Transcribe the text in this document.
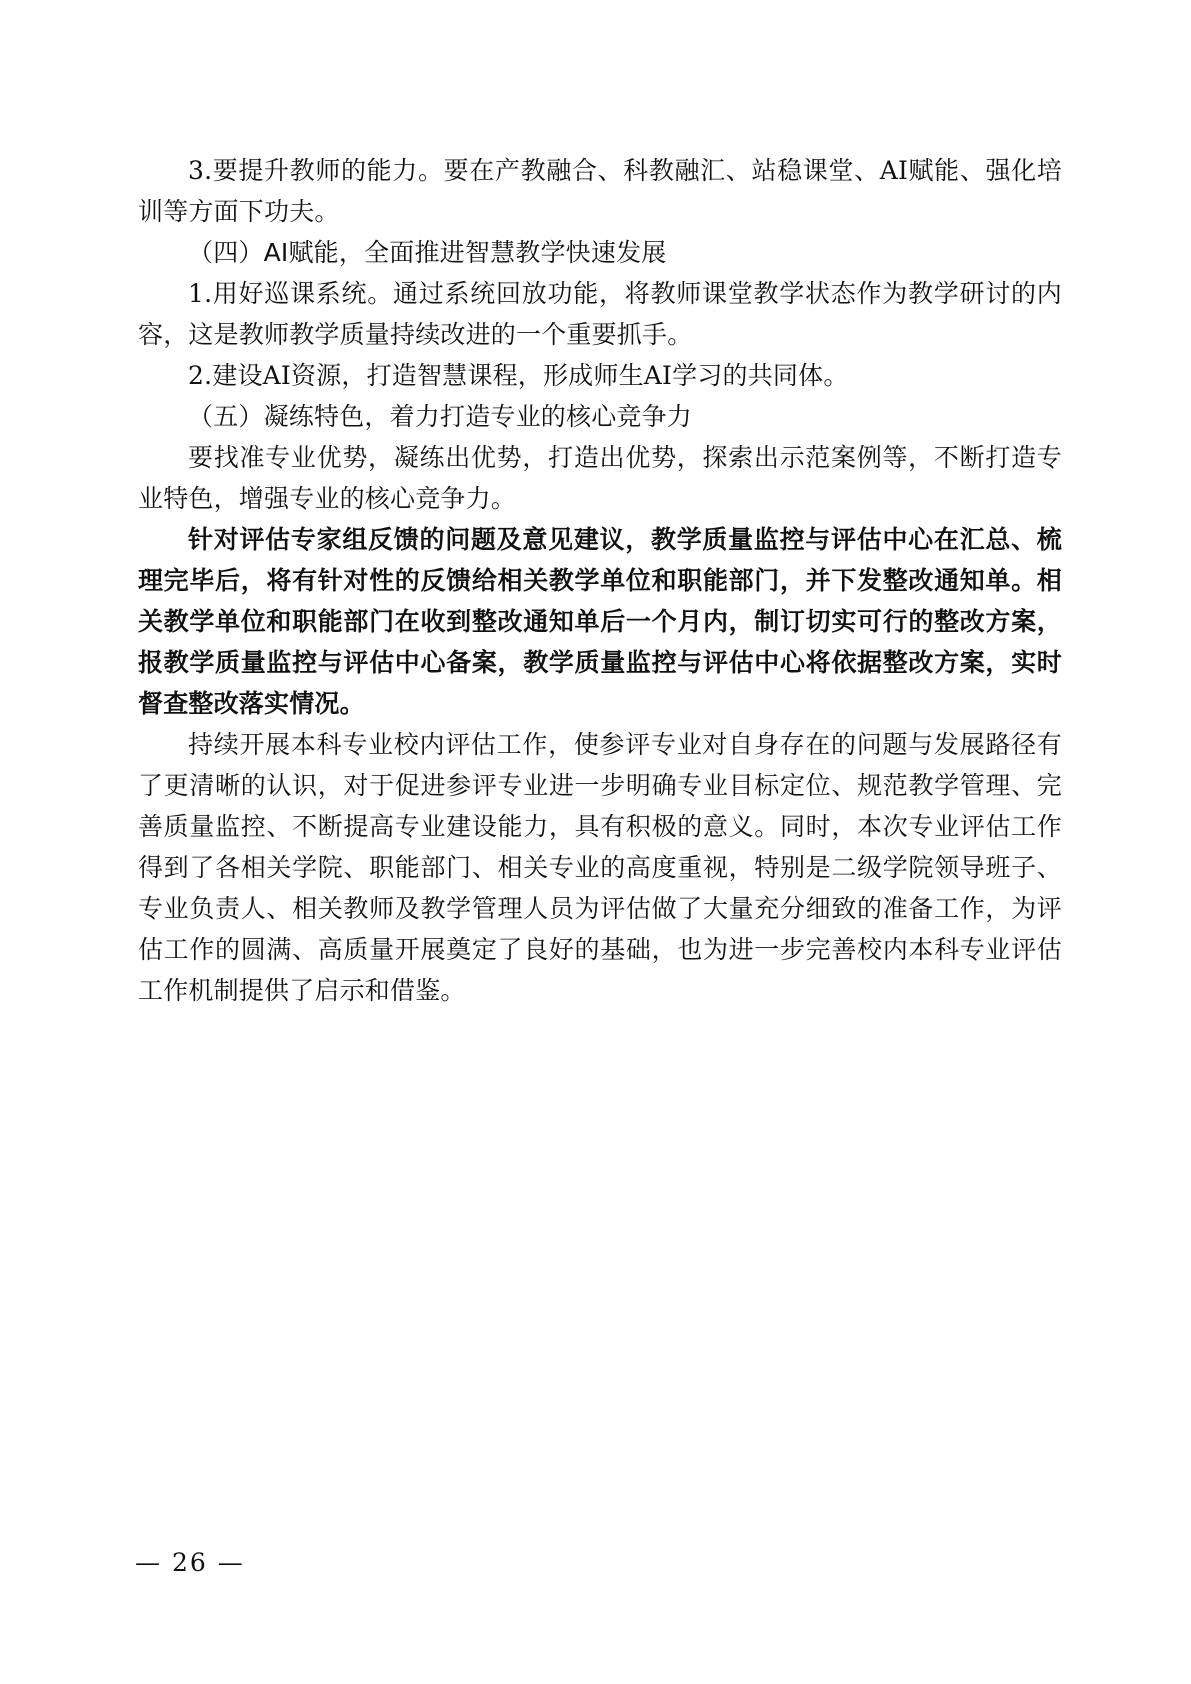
3.要提升教师的能力。要在产教融合、科教融汇、站稳课堂、AI赋能、强化培训等方面下功夫。

（四）AI赋能，全面推进智慧教学快速发展

1.用好巡课系统。通过系统回放功能，将教师课堂教学状态作为教学研讨的内容，这是教师教学质量持续改进的一个重要抓手。

2.建设AI资源，打造智慧课程，形成师生AI学习的共同体。

（五）凝练特色，着力打造专业的核心竞争力

要找准专业优势，凝练出优势，打造出优势，探索出示范案例等，不断打造专业特色，增强专业的核心竞争力。

针对评估专家组反馈的问题及意见建议，教学质量监控与评估中心在汇总、梳理完毕后，将有针对性的反馈给相关教学单位和职能部门，并下发整改通知单。相关教学单位和职能部门在收到整改通知单后一个月内，制订切实可行的整改方案，报教学质量监控与评估中心备案，教学质量监控与评估中心将依据整改方案，实时督查整改落实情况。

持续开展本科专业校内评估工作，使参评专业对自身存在的问题与发展路径有了更清晰的认识，对于促进参评专业进一步明确专业目标定位、规范教学管理、完善质量监控、不断提高专业建设能力，具有积极的意义。同时，本次专业评估工作得到了各相关学院、职能部门、相关专业的高度重视，特别是二级学院领导班子、专业负责人、相关教师及教学管理人员为评估做了大量充分细致的准备工作，为评估工作的圆满、高质量开展奠定了良好的基础，也为进一步完善校内本科专业评估工作机制提供了启示和借鉴。

— 26 —
